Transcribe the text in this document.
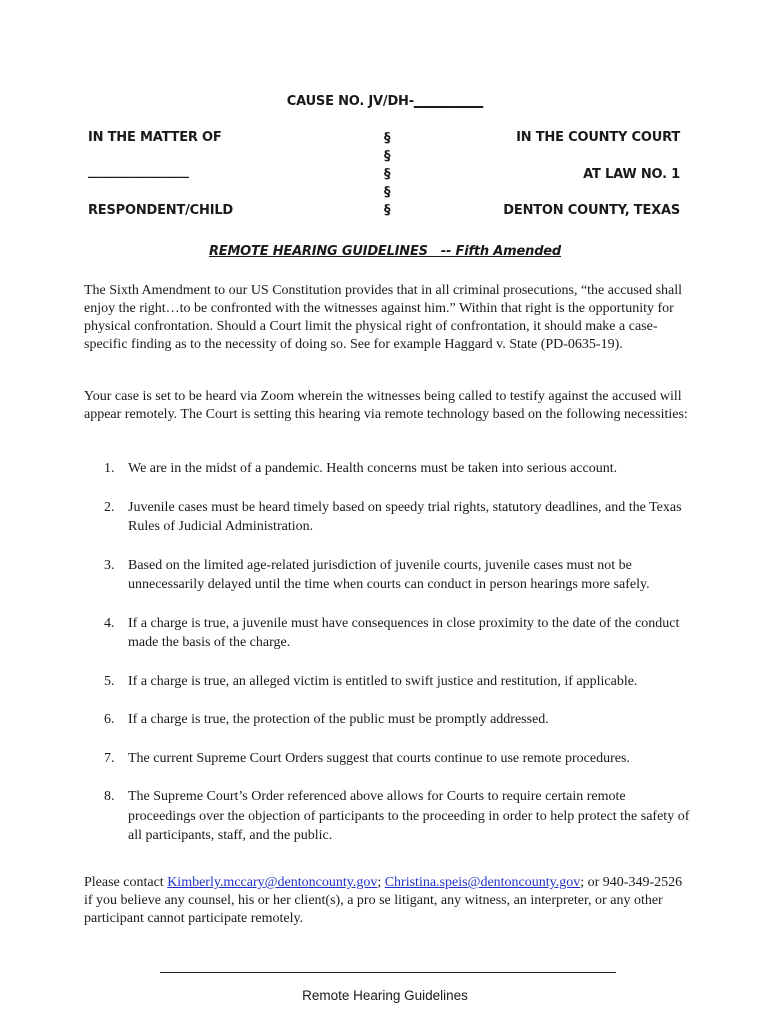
CAUSE NO. JV/DH-___________
IN THE MATTER OF
________________
RESPONDENT/CHILD
§
§
§
§
§
IN THE COUNTY COURT
AT LAW NO. 1
DENTON COUNTY, TEXAS
REMOTE HEARING GUIDELINES   -- Fifth Amended
The Sixth Amendment to our US Constitution provides that in all criminal prosecutions, “the accused shall enjoy the right…to be confronted with the witnesses against him.” Within that right is the opportunity for physical confrontation. Should a Court limit the physical right of confrontation, it should make a case-specific finding as to the necessity of doing so. See for example Haggard v. State (PD-0635-19).
Your case is set to be heard via Zoom wherein the witnesses being called to testify against the accused will appear remotely. The Court is setting this hearing via remote technology based on the following necessities:
1. We are in the midst of a pandemic. Health concerns must be taken into serious account.
2. Juvenile cases must be heard timely based on speedy trial rights, statutory deadlines, and the Texas Rules of Judicial Administration.
3. Based on the limited age-related jurisdiction of juvenile courts, juvenile cases must not be unnecessarily delayed until the time when courts can conduct in person hearings more safely.
4. If a charge is true, a juvenile must have consequences in close proximity to the date of the conduct made the basis of the charge.
5. If a charge is true, an alleged victim is entitled to swift justice and restitution, if applicable.
6. If a charge is true, the protection of the public must be promptly addressed.
7. The current Supreme Court Orders suggest that courts continue to use remote procedures.
8. The Supreme Court’s Order referenced above allows for Courts to require certain remote proceedings over the objection of participants to the proceeding in order to help protect the safety of all participants, staff, and the public.
Please contact Kimberly.mccary@dentoncounty.gov; Christina.speis@dentoncounty.gov; or 940-349-2526 if you believe any counsel, his or her client(s), a pro se litigant, any witness, an interpreter, or any other participant cannot participate remotely.
Remote Hearing Guidelines
